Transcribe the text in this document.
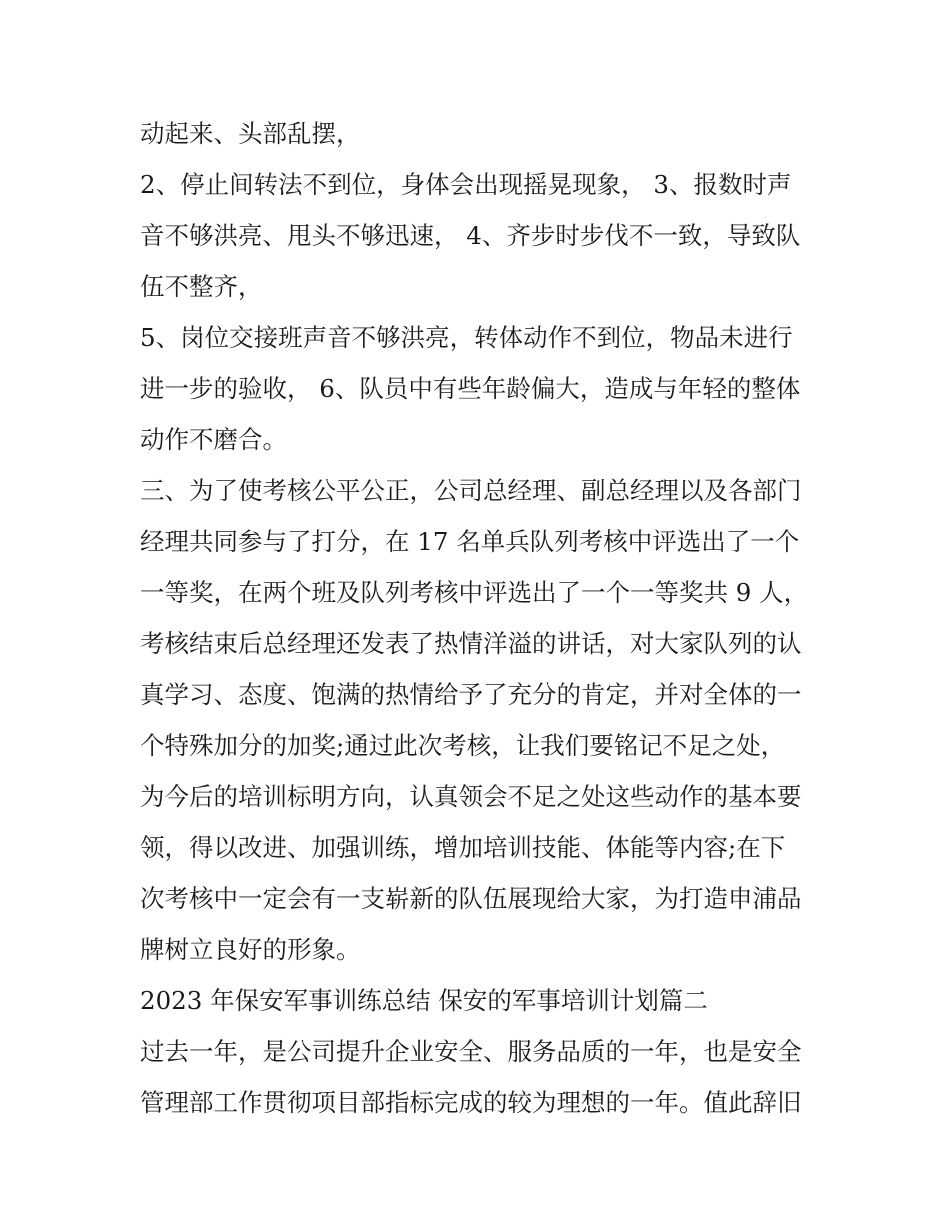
动起来、头部乱摆，
2、停止间转法不到位，身体会出现摇晃现象， 3、报数时声
音不够洪亮、甩头不够迅速， 4、齐步时步伐不一致，导致队
伍不整齐，
5、岗位交接班声音不够洪亮，转体动作不到位，物品未进行
进一步的验收， 6、队员中有些年龄偏大，造成与年轻的整体
动作不磨合。
三、为了使考核公平公正，公司总经理、副总经理以及各部门
经理共同参与了打分，在 17 名单兵队列考核中评选出了一个
一等奖，在两个班及队列考核中评选出了一个一等奖共 9 人，
考核结束后总经理还发表了热情洋溢的讲话，对大家队列的认
真学习、态度、饱满的热情给予了充分的肯定，并对全体的一
个特殊加分的加奖;通过此次考核，让我们要铭记不足之处，
为今后的培训标明方向，认真领会不足之处这些动作的基本要
领，得以改进、加强训练，增加培训技能、体能等内容;在下
次考核中一定会有一支崭新的队伍展现给大家，为打造申浦品
牌树立良好的形象。
2023 年保安军事训练总结 保安的军事培训计划篇二
过去一年，是公司提升企业安全、服务品质的一年，也是安全
管理部工作贯彻项目部指标完成的较为理想的一年。值此辞旧
